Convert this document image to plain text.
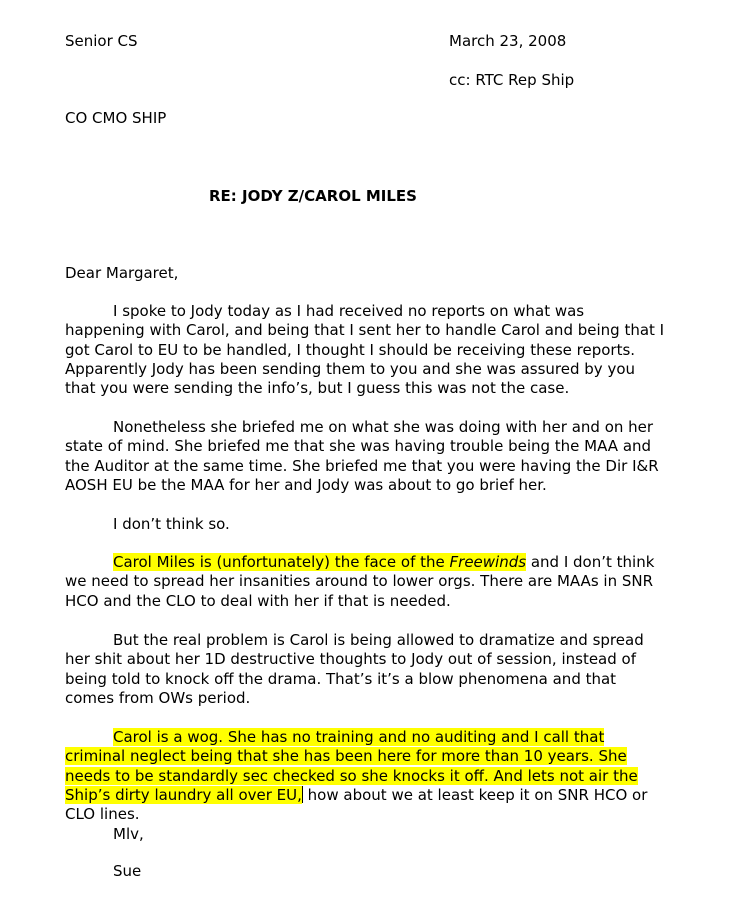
Senior CS	March 23, 2008
cc: RTC Rep Ship
CO CMO SHIP
RE: JODY Z/CAROL MILES
Dear Margaret,
I spoke to Jody today as I had received no reports on what was happening with Carol, and being that I sent her to handle Carol and being that I got Carol to EU to be handled, I thought I should be receiving these reports. Apparently Jody has been sending them to you and she was assured by you that you were sending the info’s, but I guess this was not the case.
Nonetheless she briefed me on what she was doing with her and on her state of mind. She briefed me that she was having trouble being the MAA and the Auditor at the same time. She briefed me that you were having the Dir I&R AOSH EU be the MAA for her and Jody was about to go brief her.
I don’t think so.
Carol Miles is (unfortunately) the face of the Freewinds and I don’t think we need to spread her insanities around to lower orgs. There are MAAs in SNR HCO and the CLO to deal with her if that is needed.
But the real problem is Carol is being allowed to dramatize and spread her shit about her 1D destructive thoughts to Jody out of session, instead of being told to knock off the drama. That’s it’s a blow phenomena and that comes from OWs period.
Carol is a wog. She has no training and no auditing and I call that criminal neglect being that she has been here for more than 10 years. She needs to be standardly sec checked so she knocks it off. And lets not air the Ship’s dirty laundry all over EU, how about we at least keep it on SNR HCO or CLO lines.
Mlv,
Sue
